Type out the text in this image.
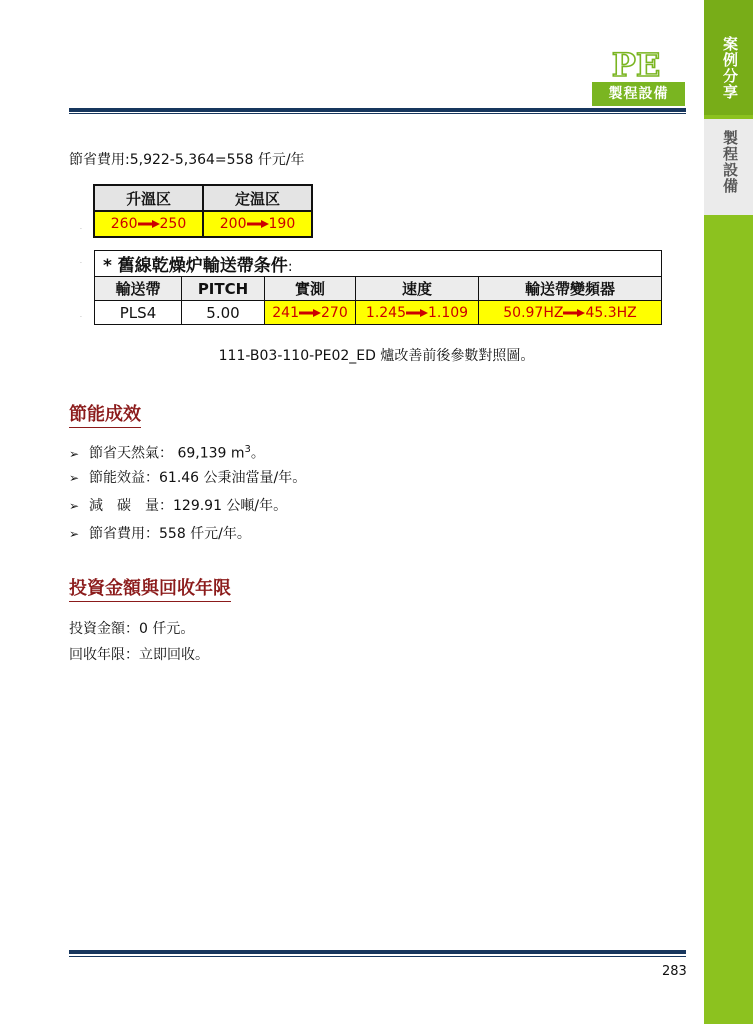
案例分享
製程設備
PE
製程設備
節省費用:5,922-5,364=558 仟元/年
.
升溫区	定温区
260 250	200 190
.
.
* 舊線乾燥炉輸送帶条件:				
輸送帶	PITCH	實測	速度	輸送帶變頻器
PLS4	5.00	241 270	1.245 1.109	50.97HZ 45.3HZ
111-B03-110-PE02_ED 爐改善前後參數對照圖。
節能成效
➢ 節省天然氣： 69,139 $m^3$。
➢ 節能效益：61.46 公秉油當量/年。
➢ 減　碳　量：129.91 公噸/年。
➢ 節省費用：558 仟元/年。
投資金額與回收年限
投資金額：0 仟元。
回收年限：立即回收。
283
